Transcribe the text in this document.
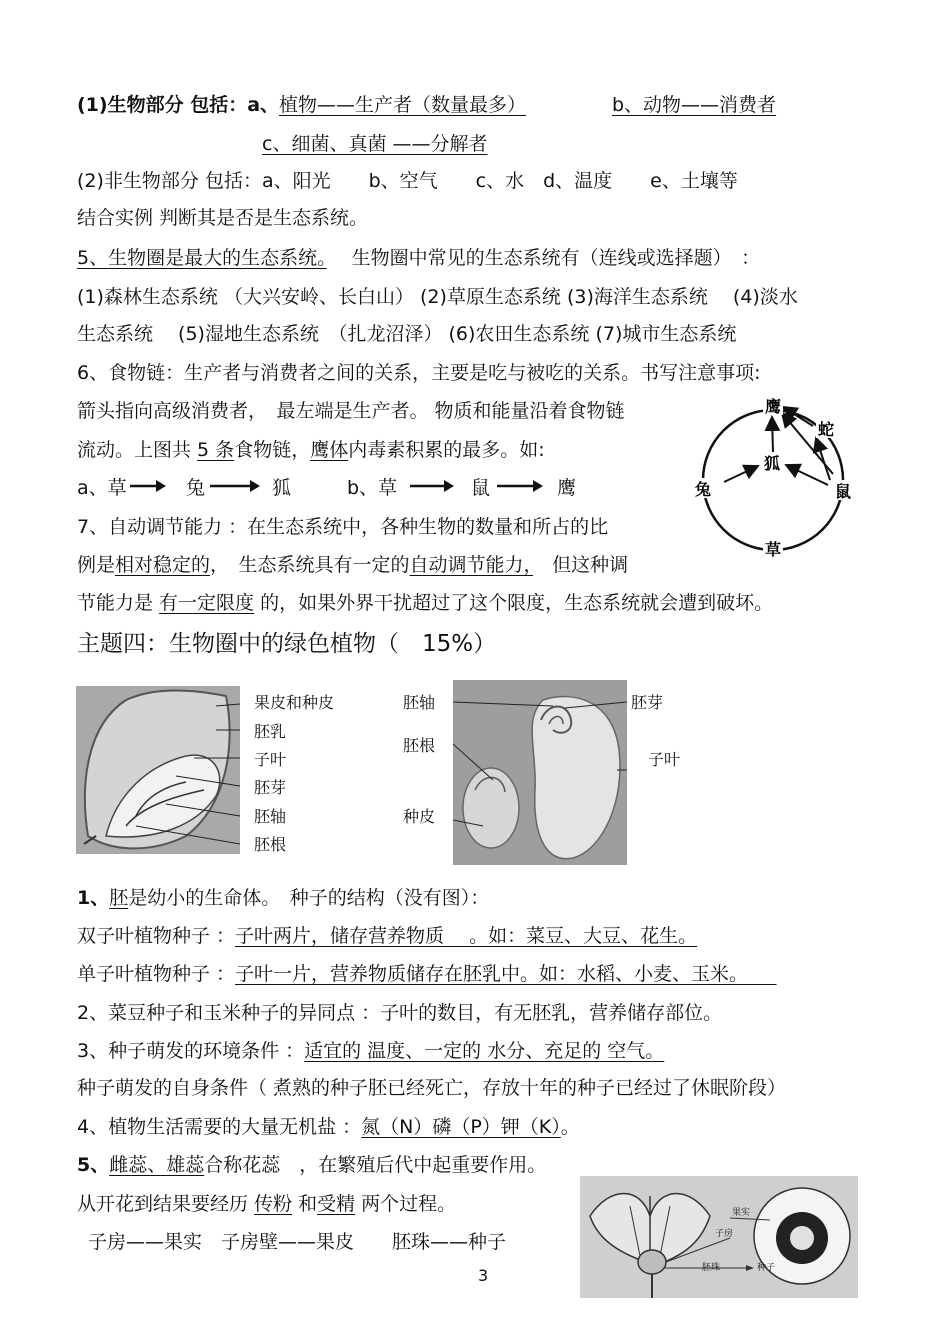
(1)生物部分 包括：a、植物——生产者（数量最多）	b、动物——消费者
c、细菌、真菌 ——分解者
(2)非生物部分 包括：a、阳光　　b、空气　　c、水　d、温度　　e、土壤等
结合实例 判断其是否是生态系统。
5、生物圈是最大的生态系统。　 生物圈中常见的生态系统有（连线或选择题）　：
(1)森林生态系统 （大兴安岭、长白山） (2)草原生态系统 (3)海洋生态系统　 (4)淡水
生态系统　 (5)湿地生态系统　（扎龙沼泽） (6)农田生态系统 (7)城市生态系统
6、食物链：生产者与消费者之间的关系，主要是吃与被吃的关系。书写注意事项:
箭头指向高级消费者，　最左端是生产者。 物质和能量沿着食物链
流动。上图共 5 条食物链，鹰体内毒素积累的最多。如:
a、草	兔	狐	b、草	鼠	鹰
7、自动调节能力 ：在生态系统中，各种生物的数量和所占的比
例是相对稳定的，　生态系统具有一定的自动调节能力，　但这种调
节能力是 有一定限度 的，如果外界干扰超过了这个限度，生态系统就会遭到破坏。
鹰
蛇
狐
兔	鼠
草
主题四：生物圈中的绿色植物（　15%）
果皮和种皮
胚乳
子叶
胚芽
胚轴
胚根
胚轴
胚根
种皮
胚芽
子叶
1、胚是幼小的生命体。　种子的结构（没有图）：
双子叶植物种子 ：子叶两片，储存营养物质　 。如：菜豆、大豆、花生。
单子叶植物种子 ：子叶一片，营养物质储存在胚乳中。如：水稻、小麦、玉米。　　
2、菜豆种子和玉米种子的异同点 ：子叶的数目，有无胚乳，营养储存部位。
3、种子萌发的环境条件 ：适宜的 温度、一定的 水分、充足的 空气。
种子萌发的自身条件（ 煮熟的种子胚已经死亡，存放十年的种子已经过了休眠阶段）
4、植物生活需要的大量无机盐 ：氮（N）磷（P）钾（K）。
5、雌蕊、雄蕊合称花蕊　，在繁殖后代中起重要作用。
从开花到结果要经历 传粉 和受精 两个过程。
子房——果实　子房壁——果皮　　胚珠——种子
果实
子房
胚珠	种子
3
